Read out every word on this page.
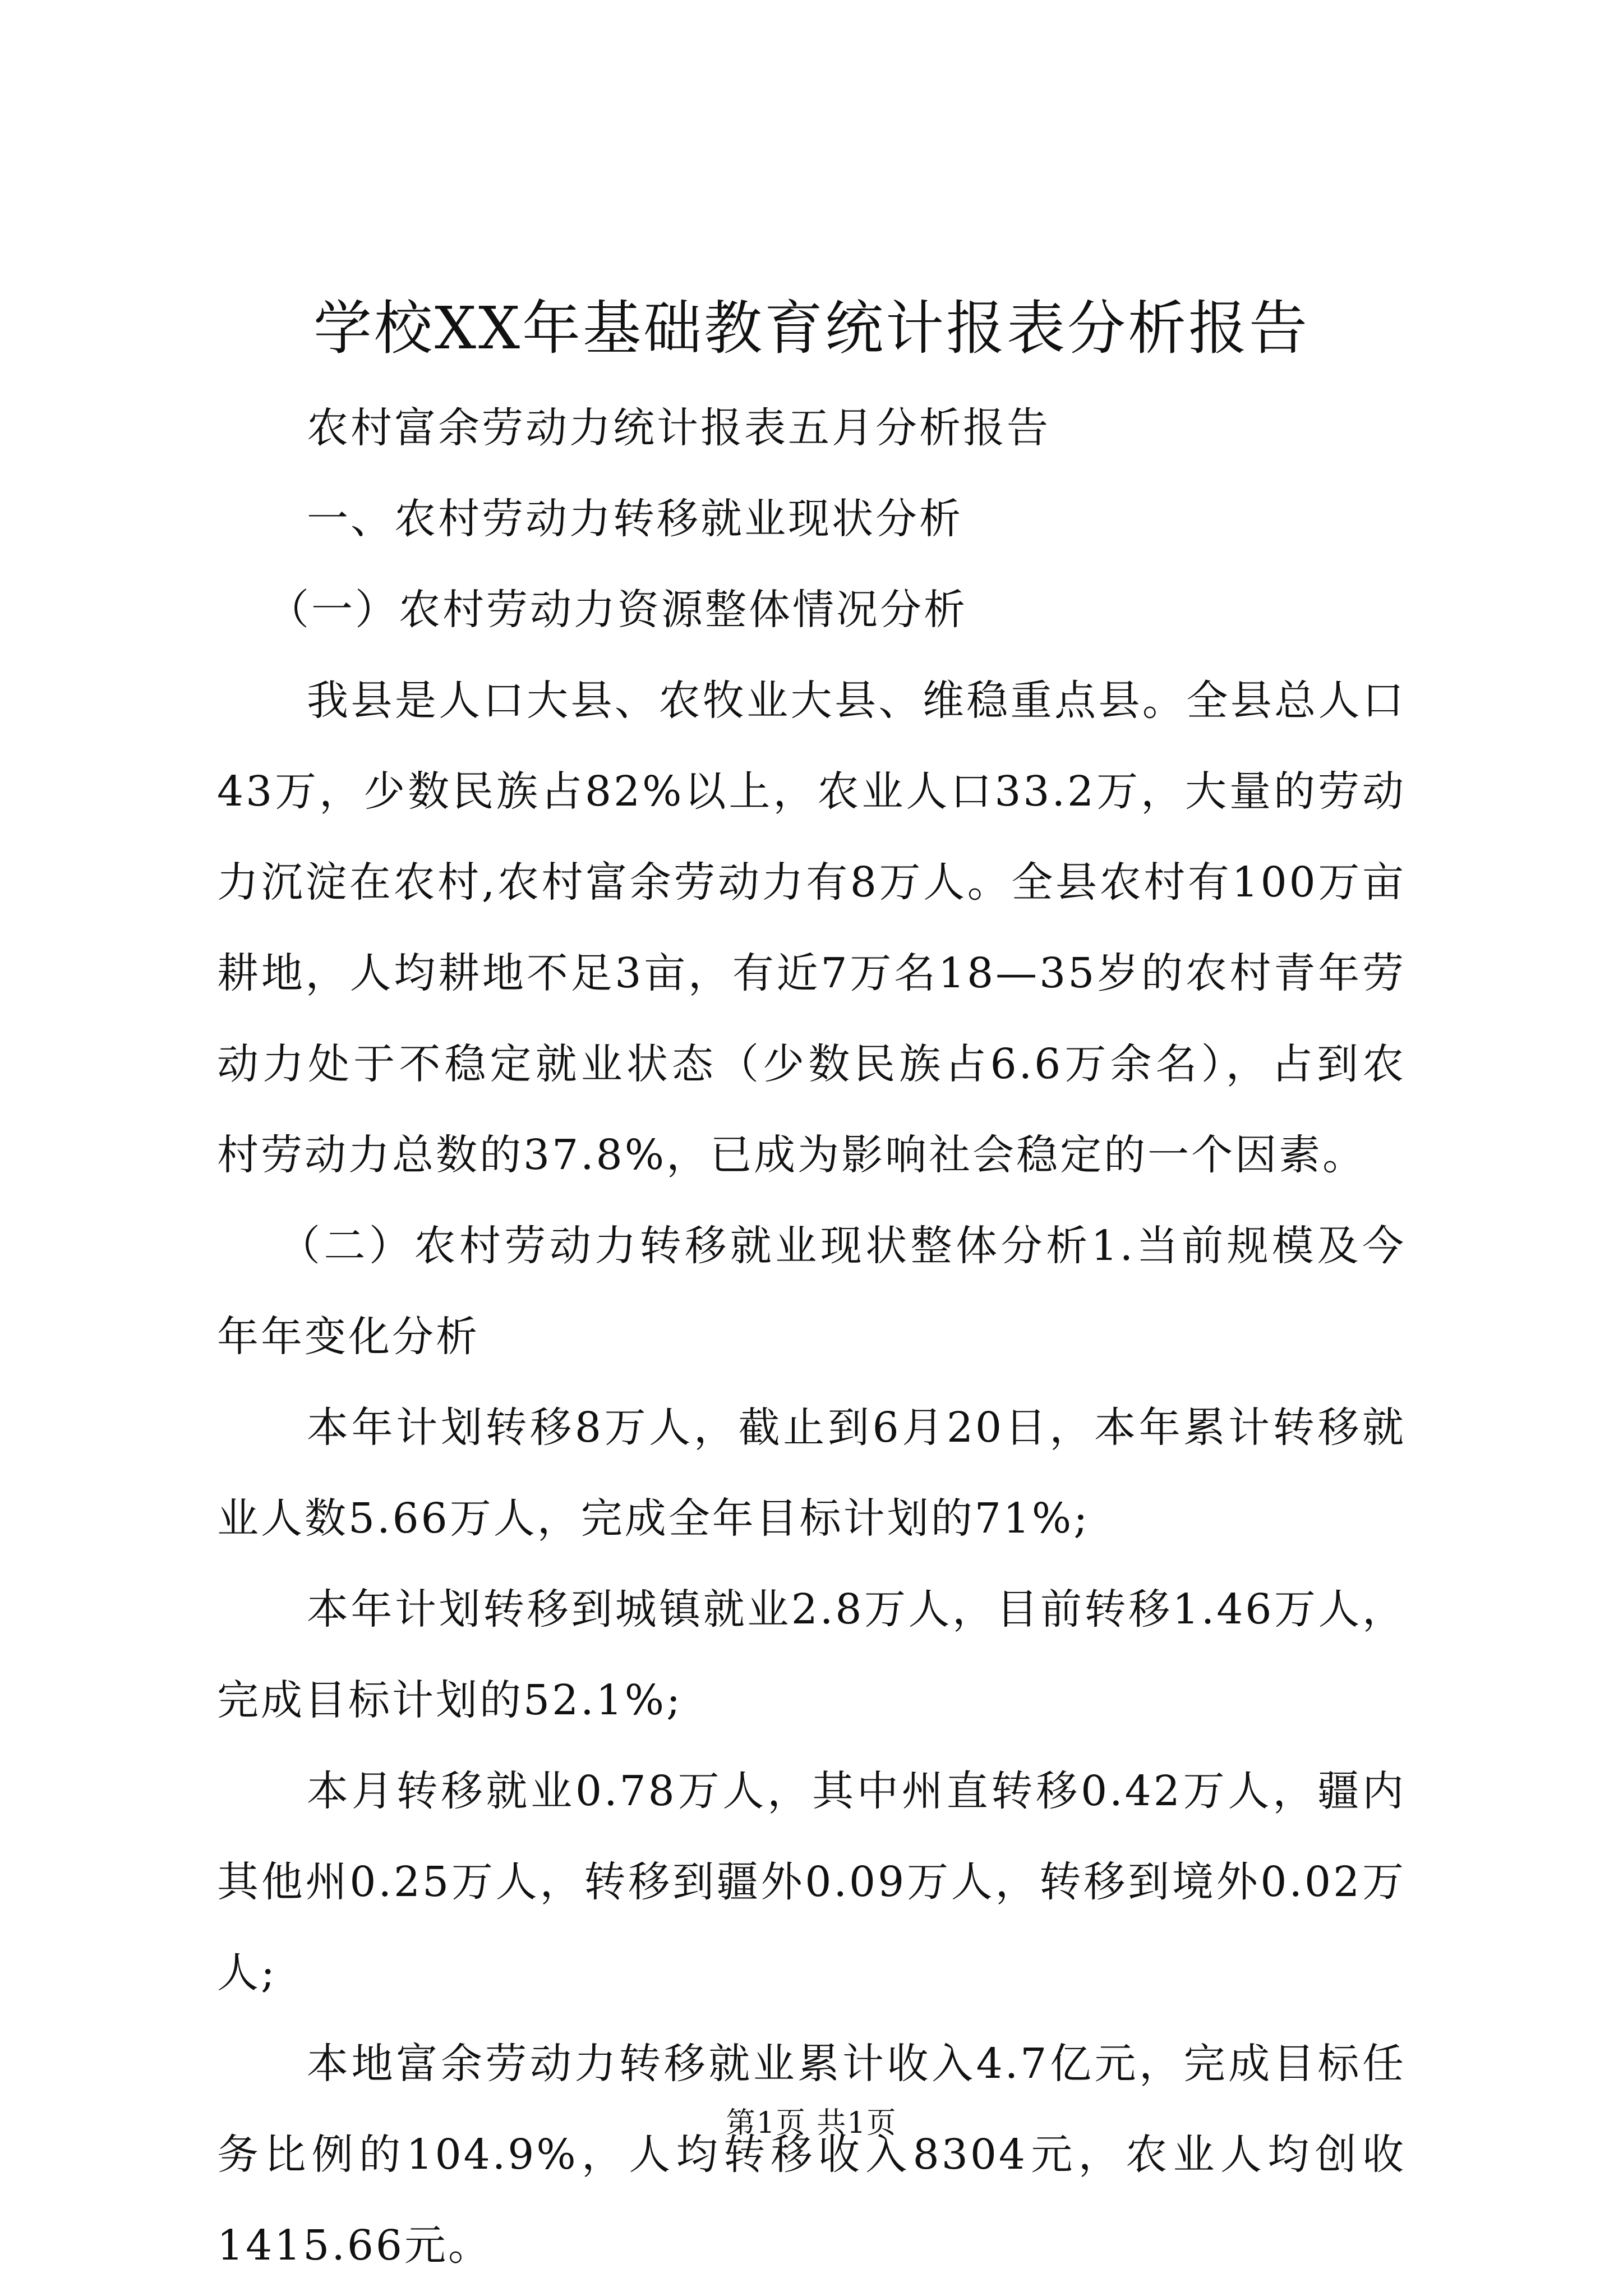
学校XX年基础教育统计报表分析报告

农村富余劳动力统计报表五月分析报告

一、农村劳动力转移就业现状分析

（一）农村劳动力资源整体情况分析

我县是人口大县、农牧业大县、维稳重点县。全县总人口43万，少数民族占82%以上，农业人口33.2万，大量的劳动力沉淀在农村,农村富余劳动力有8万人。全县农村有100万亩耕地，人均耕地不足3亩，有近7万名18—35岁的农村青年劳动力处于不稳定就业状态（少数民族占6.6万余名），占到农村劳动力总数的37.8%，已成为影响社会稳定的一个因素。

（二）农村劳动力转移就业现状整体分析1.当前规模及今年年变化分析

本年计划转移8万人，截止到6月20日，本年累计转移就业人数5.66万人，完成全年目标计划的71%;

本年计划转移到城镇就业2.8万人，目前转移1.46万人，完成目标计划的52.1%;

本月转移就业0.78万人，其中州直转移0.42万人，疆内其他州0.25万人，转移到疆外0.09万人，转移到境外0.02万人;

本地富余劳动力转移就业累计收入4.7亿元，完成目标任务比例的104.9%，人均转移收入8304元，农业人均创收1415.66元。

第1页 共1页
